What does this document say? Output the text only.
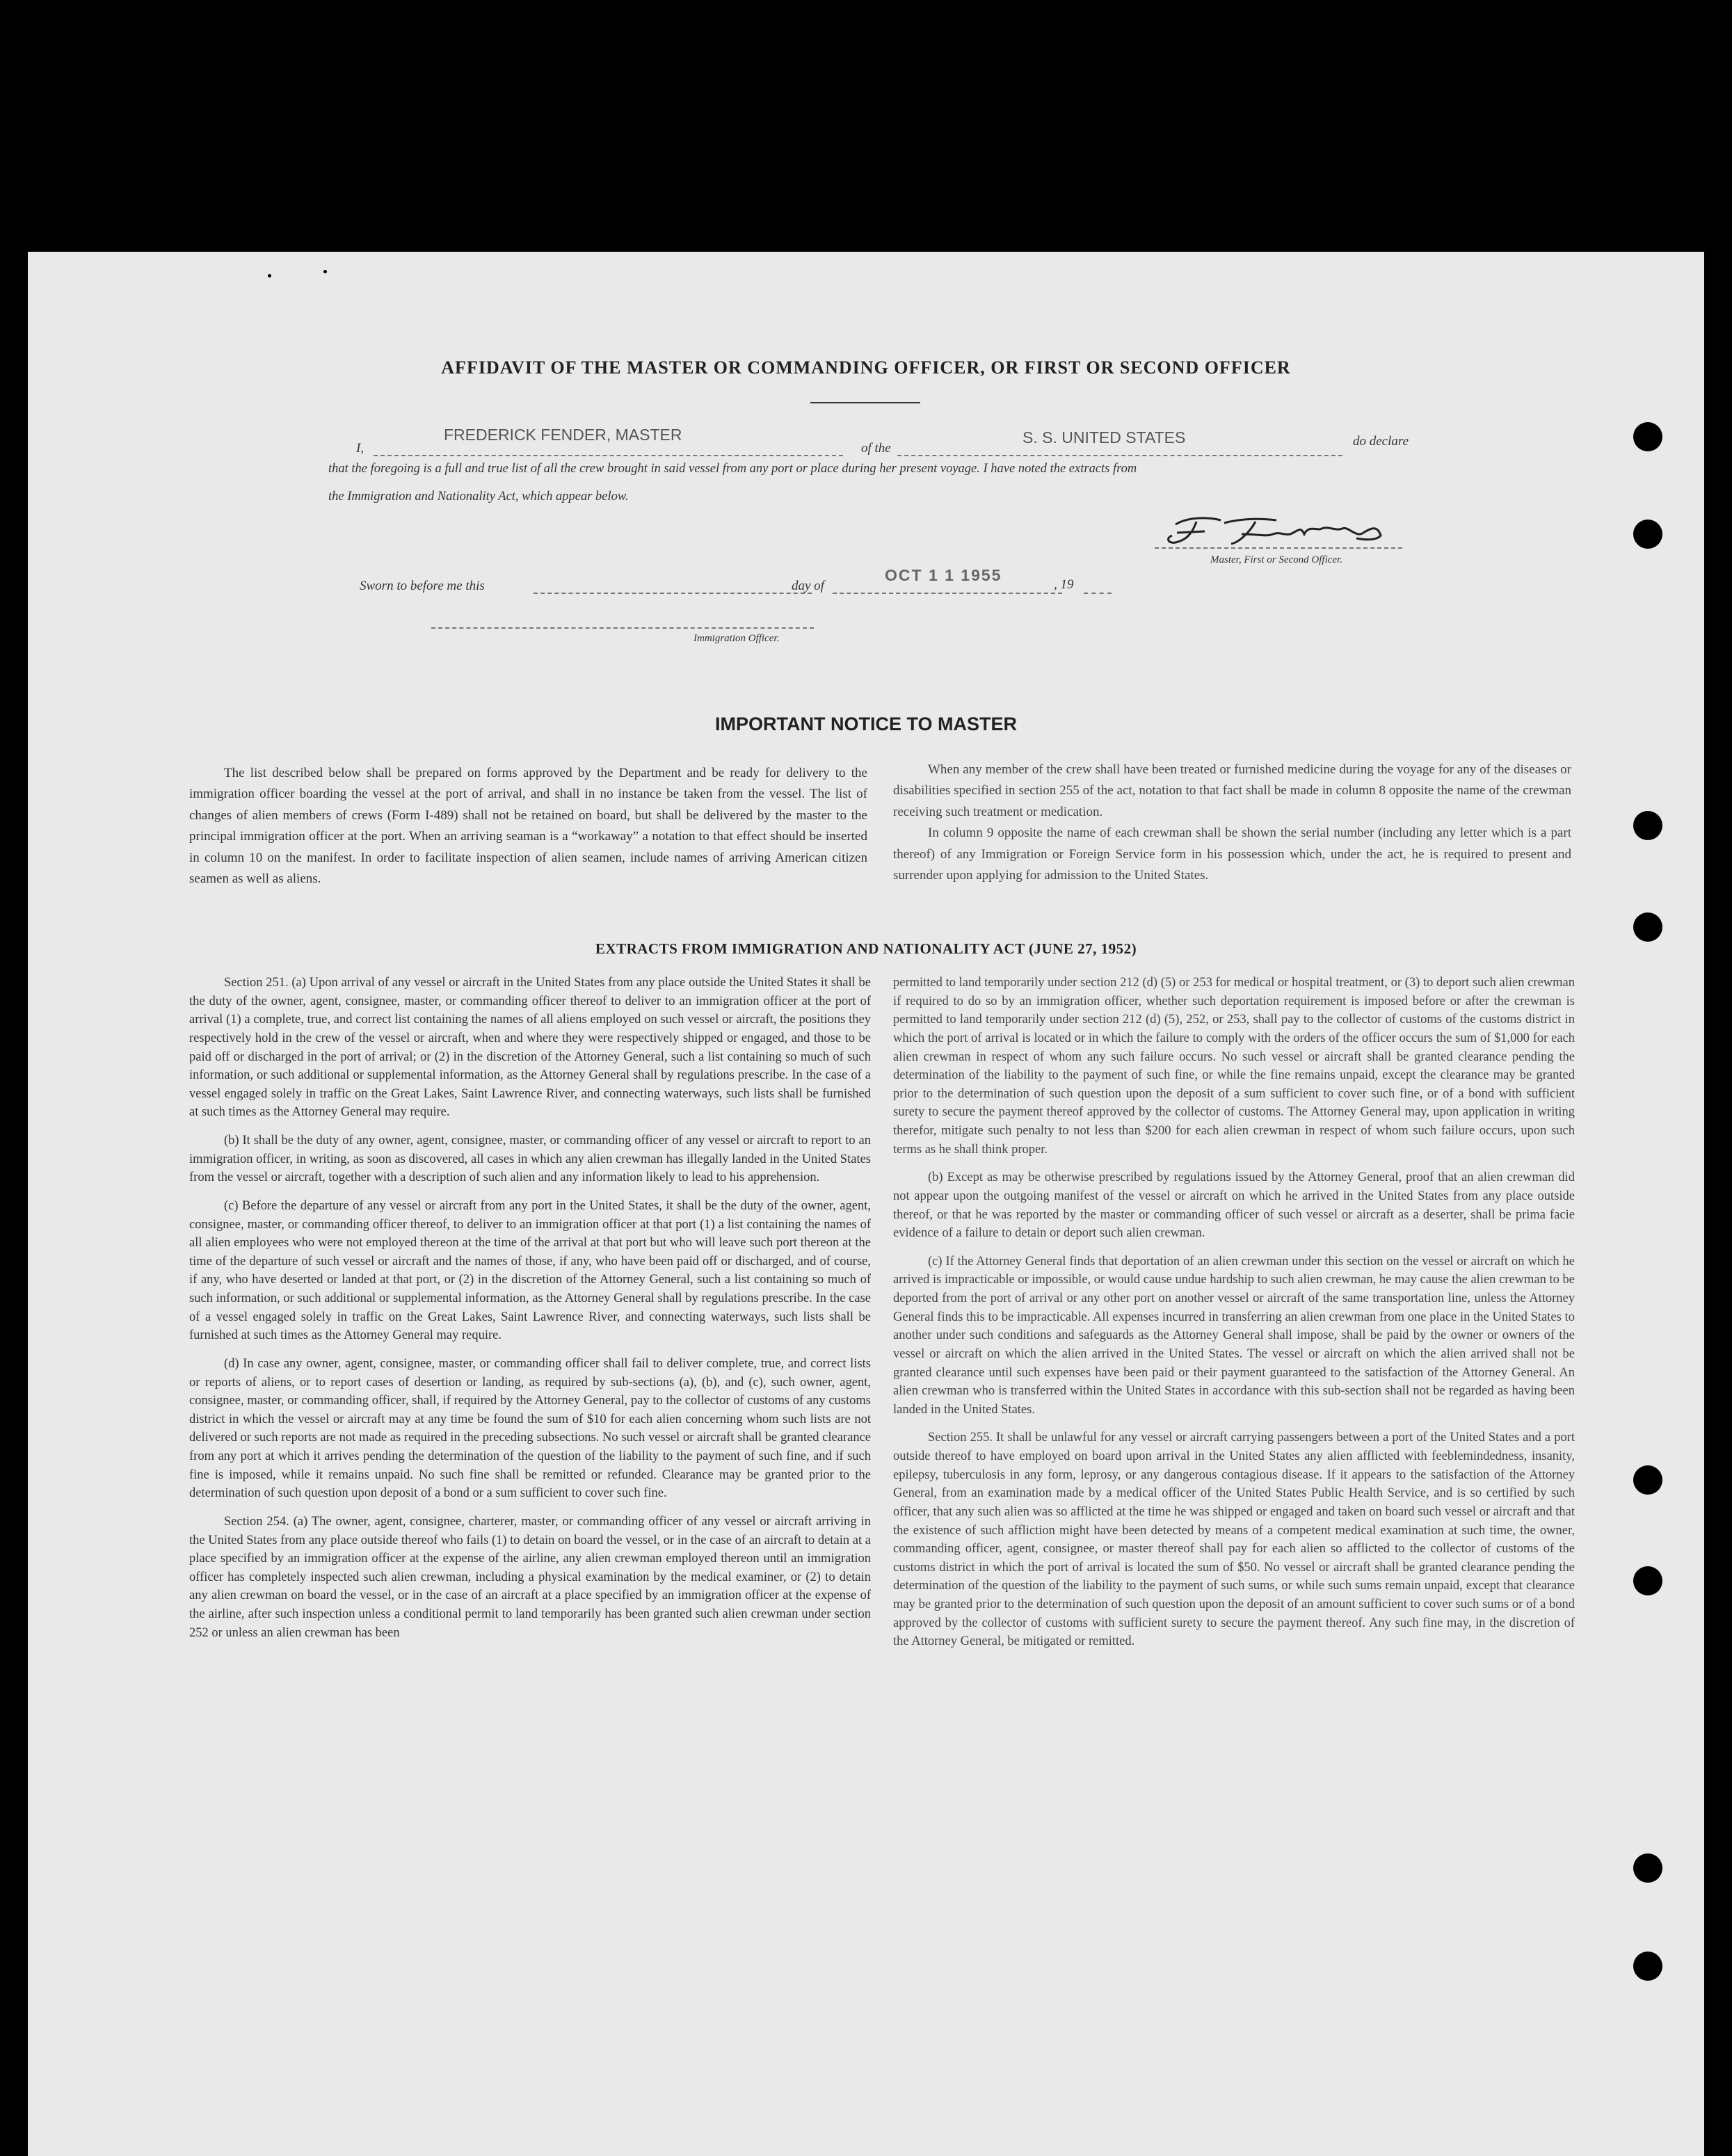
AFFIDAVIT OF THE MASTER OR COMMANDING OFFICER, OR FIRST OR SECOND OFFICER
I,
FREDERICK FENDER, MASTER
of the
S. S. UNITED STATES	do declare
that the foregoing is a full and true list of all the crew brought in said vessel from any port or place during her present voyage. I have noted the extracts from
the Immigration and Nationality Act, which appear below.
Master, First or Second Officer.
Sworn to before me this	day of
OCT 1 1 1955
, 19
Immigration Officer.
IMPORTANT NOTICE TO MASTER

The list described below shall be prepared on forms approved by the Department and be ready for delivery to the immigration officer boarding the vessel at the port of arrival, and shall in no instance be taken from the vessel. The list of changes of alien members of crews (Form I-489) shall not be retained on board, but shall be delivered by the master to the principal immigration officer at the port. When an arriving seaman is a “workaway” a notation to that effect should be inserted in column 10 on the manifest. In order to facilitate inspection of alien seamen, include names of arriving American citizen seamen as well as aliens.

When any member of the crew shall have been treated or furnished medicine during the voyage for any of the diseases or disabilities specified in section 255 of the act, notation to that fact shall be made in column 8 opposite the name of the crewman receiving such treatment or medication.

In column 9 opposite the name of each crewman shall be shown the serial number (including any letter which is a part thereof) of any Immigration or Foreign Service form in his possession which, under the act, he is required to present and surrender upon applying for admission to the United States.

EXTRACTS FROM IMMIGRATION AND NATIONALITY ACT (JUNE 27, 1952)

Section 251. (a) Upon arrival of any vessel or aircraft in the United States from any place outside the United States it shall be the duty of the owner, agent, consignee, master, or commanding officer thereof to deliver to an immigration officer at the port of arrival (1) a complete, true, and correct list containing the names of all aliens employed on such vessel or aircraft, the positions they respectively hold in the crew of the vessel or aircraft, when and where they were respectively shipped or engaged, and those to be paid off or discharged in the port of arrival; or (2) in the discretion of the Attorney General, such a list containing so much of such information, or such additional or supplemental information, as the Attorney General shall by regulations prescribe. In the case of a vessel engaged solely in traffic on the Great Lakes, Saint Lawrence River, and connecting waterways, such lists shall be furnished at such times as the Attorney General may require.

(b) It shall be the duty of any owner, agent, consignee, master, or commanding officer of any vessel or aircraft to report to an immigration officer, in writing, as soon as discovered, all cases in which any alien crewman has illegally landed in the United States from the vessel or aircraft, together with a description of such alien and any information likely to lead to his apprehension.

(c) Before the departure of any vessel or aircraft from any port in the United States, it shall be the duty of the owner, agent, consignee, master, or commanding officer thereof, to deliver to an immigration officer at that port (1) a list containing the names of all alien employees who were not employed thereon at the time of the arrival at that port but who will leave such port thereon at the time of the departure of such vessel or aircraft and the names of those, if any, who have been paid off or discharged, and of course, if any, who have deserted or landed at that port, or (2) in the discretion of the Attorney General, such a list containing so much of such information, or such additional or supplemental information, as the Attorney General shall by regulations prescribe. In the case of a vessel engaged solely in traffic on the Great Lakes, Saint Lawrence River, and connecting waterways, such lists shall be furnished at such times as the Attorney General may require.

(d) In case any owner, agent, consignee, master, or commanding officer shall fail to deliver complete, true, and correct lists or reports of aliens, or to report cases of desertion or landing, as required by sub-sections (a), (b), and (c), such owner, agent, consignee, master, or commanding officer, shall, if required by the Attorney General, pay to the collector of customs of any customs district in which the vessel or aircraft may at any time be found the sum of $10 for each alien concerning whom such lists are not delivered or such reports are not made as required in the preceding subsections. No such vessel or aircraft shall be granted clearance from any port at which it arrives pending the determination of the question of the liability to the payment of such fine, and if such fine is imposed, while it remains unpaid. No such fine shall be remitted or refunded. Clearance may be granted prior to the determination of such question upon deposit of a bond or a sum sufficient to cover such fine.

Section 254. (a) The owner, agent, consignee, charterer, master, or commanding officer of any vessel or aircraft arriving in the United States from any place outside thereof who fails (1) to detain on board the vessel, or in the case of an aircraft to detain at a place specified by an immigration officer at the expense of the airline, any alien crewman employed thereon until an immigration officer has completely inspected such alien crewman, including a physical examination by the medical examiner, or (2) to detain any alien crewman on board the vessel, or in the case of an aircraft at a place specified by an immigration officer at the expense of the airline, after such inspection unless a conditional permit to land temporarily has been granted such alien crewman under section 252 or unless an alien crewman has been

permitted to land temporarily under section 212 (d) (5) or 253 for medical or hospital treatment, or (3) to deport such alien crewman if required to do so by an immigration officer, whether such deportation requirement is imposed before or after the crewman is permitted to land temporarily under section 212 (d) (5), 252, or 253, shall pay to the collector of customs of the customs district in which the port of arrival is located or in which the failure to comply with the orders of the officer occurs the sum of $1,000 for each alien crewman in respect of whom any such failure occurs. No such vessel or aircraft shall be granted clearance pending the determination of the liability to the payment of such fine, or while the fine remains unpaid, except the clearance may be granted prior to the determination of such question upon the deposit of a sum sufficient to cover such fine, or of a bond with sufficient surety to secure the payment thereof approved by the collector of customs. The Attorney General may, upon application in writing therefor, mitigate such penalty to not less than $200 for each alien crewman in respect of whom such failure occurs, upon such terms as he shall think proper.

(b) Except as may be otherwise prescribed by regulations issued by the Attorney General, proof that an alien crewman did not appear upon the outgoing manifest of the vessel or aircraft on which he arrived in the United States from any place outside thereof, or that he was reported by the master or commanding officer of such vessel or aircraft as a deserter, shall be prima facie evidence of a failure to detain or deport such alien crewman.

(c) If the Attorney General finds that deportation of an alien crewman under this section on the vessel or aircraft on which he arrived is impracticable or impossible, or would cause undue hardship to such alien crewman, he may cause the alien crewman to be deported from the port of arrival or any other port on another vessel or aircraft of the same transportation line, unless the Attorney General finds this to be impracticable. All expenses incurred in transferring an alien crewman from one place in the United States to another under such conditions and safeguards as the Attorney General shall impose, shall be paid by the owner or owners of the vessel or aircraft on which the alien arrived in the United States. The vessel or aircraft on which the alien arrived shall not be granted clearance until such expenses have been paid or their payment guaranteed to the satisfaction of the Attorney General. An alien crewman who is transferred within the United States in accordance with this sub-section shall not be regarded as having been landed in the United States.

Section 255. It shall be unlawful for any vessel or aircraft carrying passengers between a port of the United States and a port outside thereof to have employed on board upon arrival in the United States any alien afflicted with feeblemindedness, insanity, epilepsy, tuberculosis in any form, leprosy, or any dangerous contagious disease. If it appears to the satisfaction of the Attorney General, from an examination made by a medical officer of the United States Public Health Service, and is so certified by such officer, that any such alien was so afflicted at the time he was shipped or engaged and taken on board such vessel or aircraft and that the existence of such affliction might have been detected by means of a competent medical examination at such time, the owner, commanding officer, agent, consignee, or master thereof shall pay for each alien so afflicted to the collector of customs of the customs district in which the port of arrival is located the sum of $50. No vessel or aircraft shall be granted clearance pending the determination of the question of the liability to the payment of such sums, or while such sums remain unpaid, except that clearance may be granted prior to the determination of such question upon the deposit of an amount sufficient to cover such sums or of a bond approved by the collector of customs with sufficient surety to secure the payment thereof. Any such fine may, in the discretion of the Attorney General, be mitigated or remitted.
